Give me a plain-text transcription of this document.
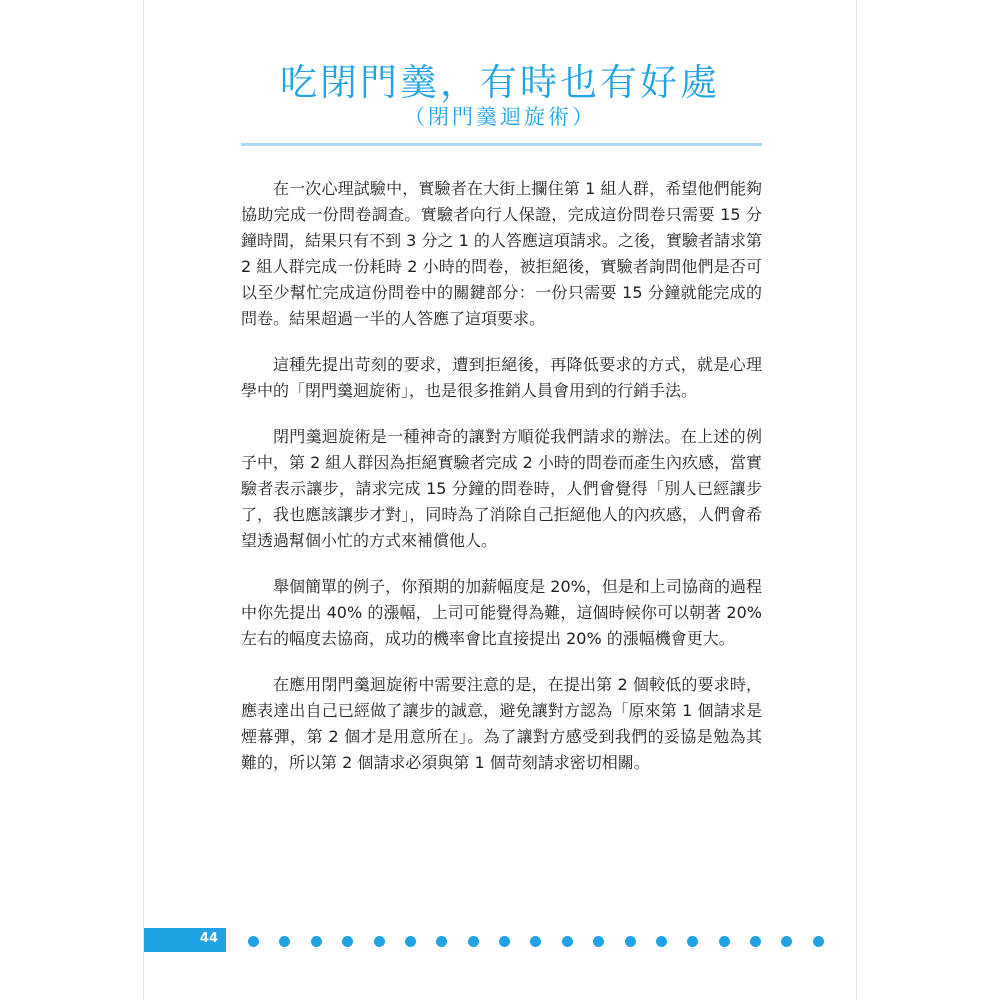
吃閉門羹，有時也有好處
（閉門羹迴旋術）

在一次心理試驗中，實驗者在大街上攔住第 1 組人群，希望他們能夠協助完成一份問卷調查。實驗者向行人保證，完成這份問卷只需要 15 分鐘時間，結果只有不到 3 分之 1 的人答應這項請求。之後，實驗者請求第 2 組人群完成一份耗時 2 小時的問卷，被拒絕後，實驗者詢問他們是否可以至少幫忙完成這份問卷中的關鍵部分：一份只需要 15 分鐘就能完成的問卷。結果超過一半的人答應了這項要求。

這種先提出苛刻的要求，遭到拒絕後，再降低要求的方式，就是心理學中的「閉門羹迴旋術」，也是很多推銷人員會用到的行銷手法。

閉門羹迴旋術是一種神奇的讓對方順從我們請求的辦法。在上述的例子中，第 2 組人群因為拒絕實驗者完成 2 小時的問卷而產生內疚感，當實驗者表示讓步，請求完成 15 分鐘的問卷時，人們會覺得「別人已經讓步了，我也應該讓步才對」，同時為了消除自己拒絕他人的內疚感，人們會希望透過幫個小忙的方式來補償他人。

舉個簡單的例子，你預期的加薪幅度是 20%，但是和上司協商的過程中你先提出 40% 的漲幅，上司可能覺得為難，這個時候你可以朝著 20% 左右的幅度去協商，成功的機率會比直接提出 20% 的漲幅機會更大。

在應用閉門羹迴旋術中需要注意的是，在提出第 2 個較低的要求時，應表達出自己已經做了讓步的誠意，避免讓對方認為「原來第 1 個請求是煙幕彈，第 2 個才是用意所在」。為了讓對方感受到我們的妥協是勉為其難的，所以第 2 個請求必須與第 1 個苛刻請求密切相關。

44
